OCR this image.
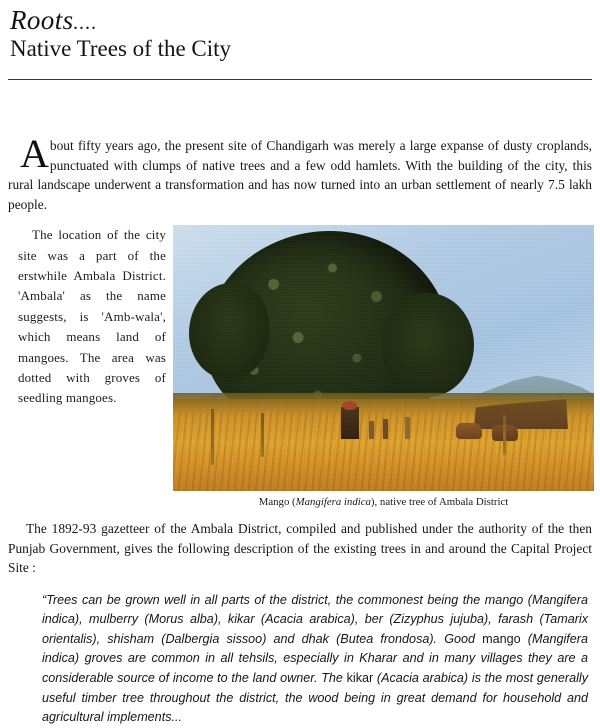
Roots....
Native Trees of the City

About fifty years ago, the present site of Chandigarh was merely a large expanse of dusty croplands, punctuated with clumps of native trees and a few odd hamlets. With the building of the city, this rural landscape underwent a transformation and has now turned into an urban settlement of nearly 7.5 lakh people.

The location of the city site was a part of the erstwhile Ambala District. 'Ambala' as the name suggests, is 'Amb-wala', which means land of mangoes. The area was dotted with groves of seedling mangoes.
Mango (Mangifera indica), native tree of Ambala District

The 1892-93 gazetteer of the Ambala District, compiled and published under the authority of the then Punjab Government, gives the following description of the existing trees in and around the Capital Project Site :

“Trees can be grown well in all parts of the district, the commonest being the mango (Mangifera indica), mulberry (Morus alba), kikar (Acacia arabica), ber (Zizyphus jujuba), farash (Tamarix orientalis), shisham (Dalbergia sissoo) and dhak (Butea frondosa). Good mango (Mangifera indica) groves are common in all tehsils, especially in Kharar and in many villages they are a considerable source of income to the land owner. The kikar (Acacia arabica) is the most generally useful timber tree throughout the district, the wood being in great demand for household and agricultural implements...
